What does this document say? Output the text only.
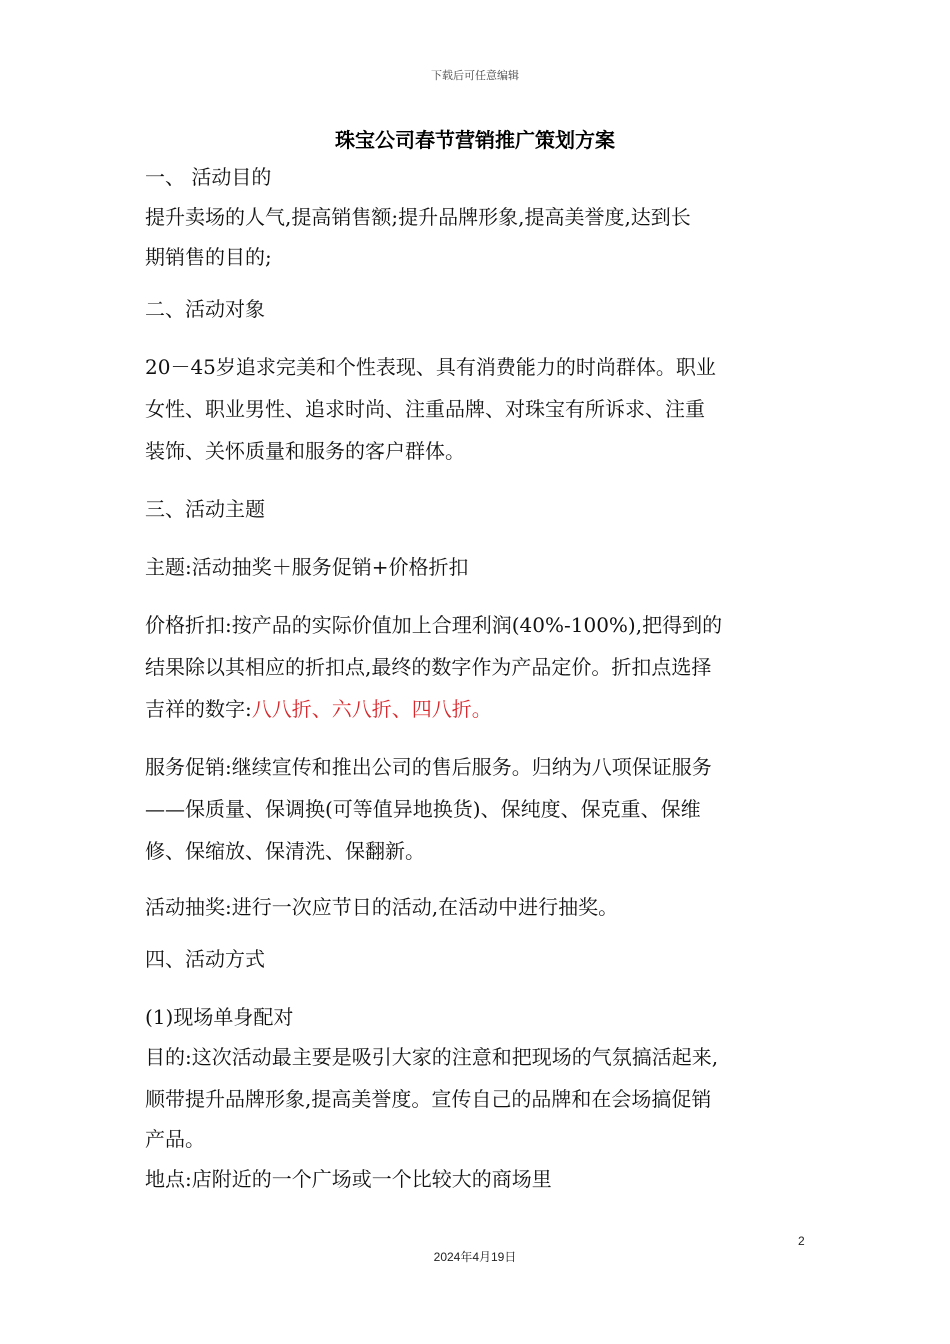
下载后可任意编辑
珠宝公司春节营销推广策划方案
一、 活动目的
提升卖场的人气,提高销售额;提升品牌形象,提高美誉度,达到长
期销售的目的;
二、活动对象
20－45岁追求完美和个性表现、具有消费能力的时尚群体。职业
女性、职业男性、追求时尚、注重品牌、对珠宝有所诉求、注重
装饰、关怀质量和服务的客户群体。
三、活动主题
主题:活动抽奖＋服务促销+价格折扣
价格折扣:按产品的实际价值加上合理利润(40%-100%),把得到的
结果除以其相应的折扣点,最终的数字作为产品定价。折扣点选择
吉祥的数字:八八折、六八折、四八折。
服务促销:继续宣传和推出公司的售后服务。归纳为八项保证服务
——保质量、保调换(可等值异地换货)、保纯度、保克重、保维
修、保缩放、保清洗、保翻新。
活动抽奖:进行一次应节日的活动,在活动中进行抽奖。
四、活动方式
(1)现场单身配对
目的:这次活动最主要是吸引大家的注意和把现场的气氛搞活起来,
顺带提升品牌形象,提高美誉度。宣传自己的品牌和在会场搞促销
产品。
地点:店附近的一个广场或一个比较大的商场里
2
2024年4月19日
